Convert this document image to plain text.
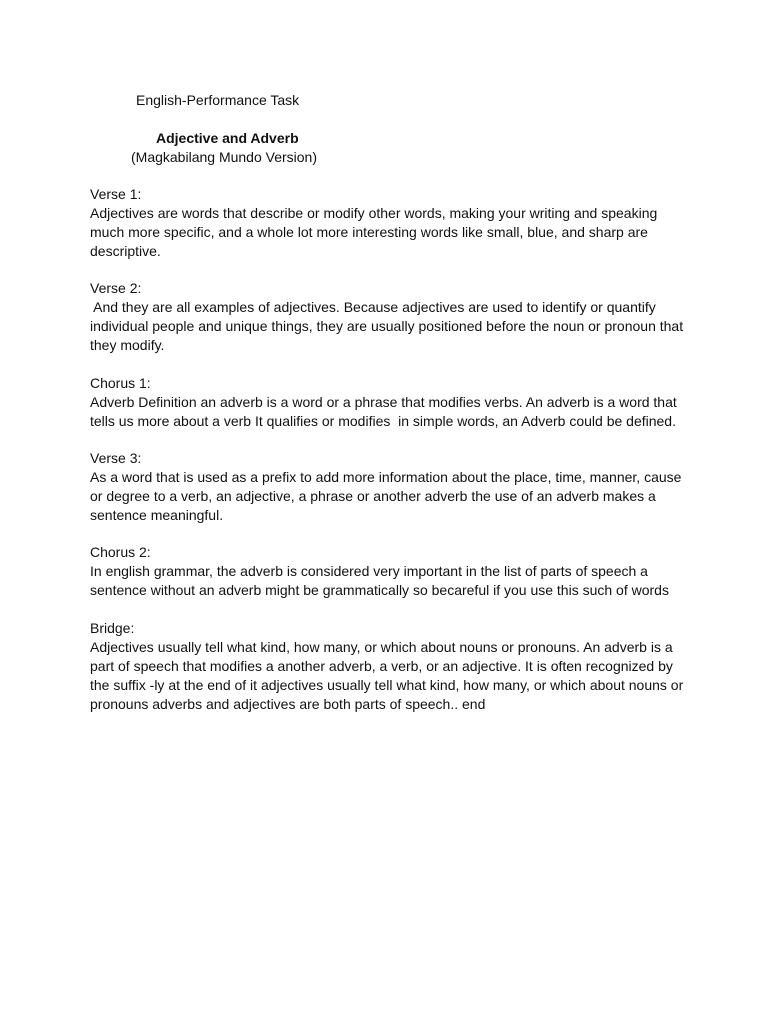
English-Performance Task
Adjective and Adverb
(Magkabilang Mundo Version)
Verse 1:
Adjectives are words that describe or modify other words, making your writing and speaking
much more specific, and a whole lot more interesting words like small, blue, and sharp are
descriptive.
Verse 2:
And they are all examples of adjectives. Because adjectives are used to identify or quantify
individual people and unique things, they are usually positioned before the noun or pronoun that
they modify.
Chorus 1:
Adverb Definition an adverb is a word or a phrase that modifies verbs. An adverb is a word that
tells us more about a verb It qualifies or modifies  in simple words, an Adverb could be defined.
Verse 3:
As a word that is used as a prefix to add more information about the place, time, manner, cause
or degree to a verb, an adjective, a phrase or another adverb the use of an adverb makes a
sentence meaningful.
Chorus 2:
In english grammar, the adverb is considered very important in the list of parts of speech a
sentence without an adverb might be grammatically so becareful if you use this such of words
Bridge:
Adjectives usually tell what kind, how many, or which about nouns or pronouns. An adverb is a
part of speech that modifies a another adverb, a verb, or an adjective. It is often recognized by
the suffix -ly at the end of it adjectives usually tell what kind, how many, or which about nouns or
pronouns adverbs and adjectives are both parts of speech.. end
